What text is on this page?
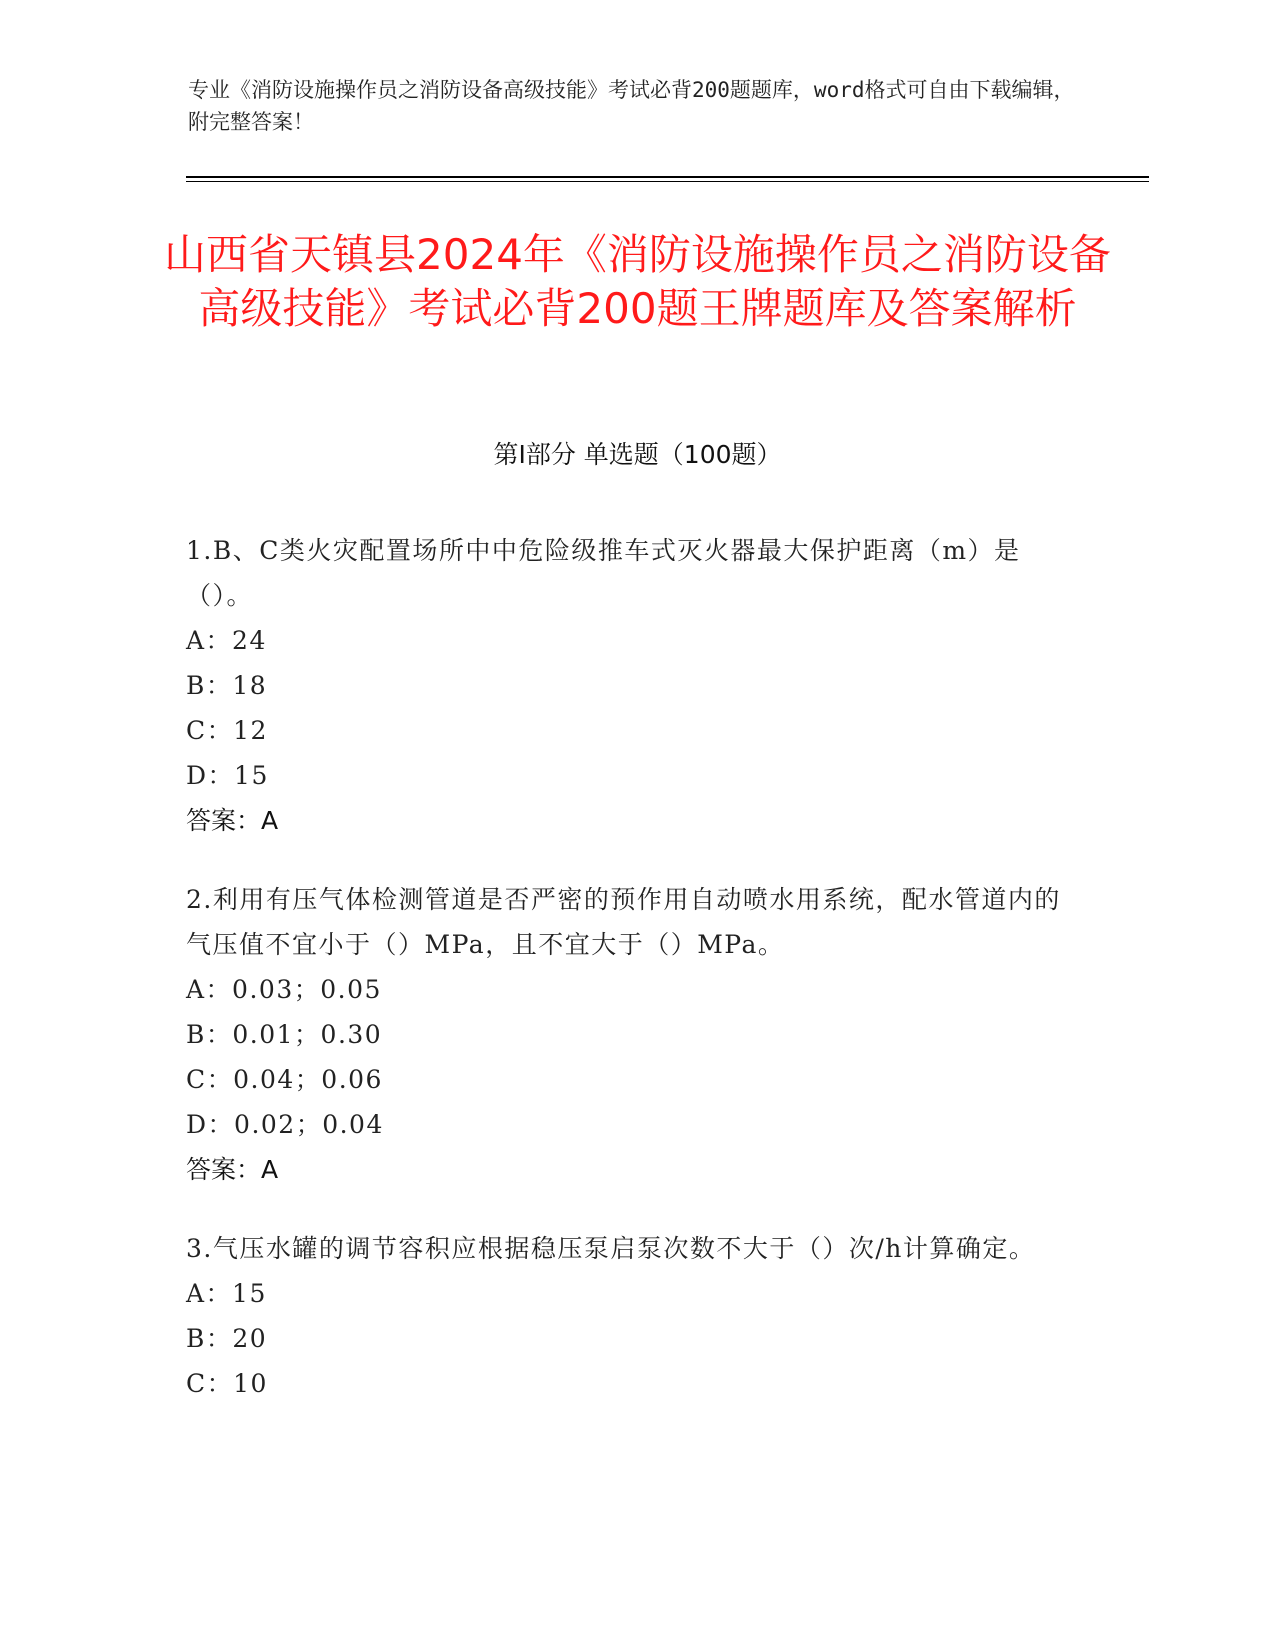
专业《消防设施操作员之消防设备高级技能》考试必背200题题库，word格式可自由下载编辑，附完整答案！
山西省天镇县2024年《消防设施操作员之消防设备高级技能》考试必背200题王牌题库及答案解析
第I部分 单选题（100题）
1.B、C类火灾配置场所中中危险级推车式灭火器最大保护距离（m）是（）。
A：24
B：18
C：12
D：15
答案：A
2.利用有压气体检测管道是否严密的预作用自动喷水用系统，配水管道内的气压值不宜小于（）MPa，且不宜大于（）MPa。
A：0.03；0.05
B：0.01；0.30
C：0.04；0.06
D：0.02；0.04
答案：A
3.气压水罐的调节容积应根据稳压泵启泵次数不大于（）次/h计算确定。
A：15
B：20
C：10
